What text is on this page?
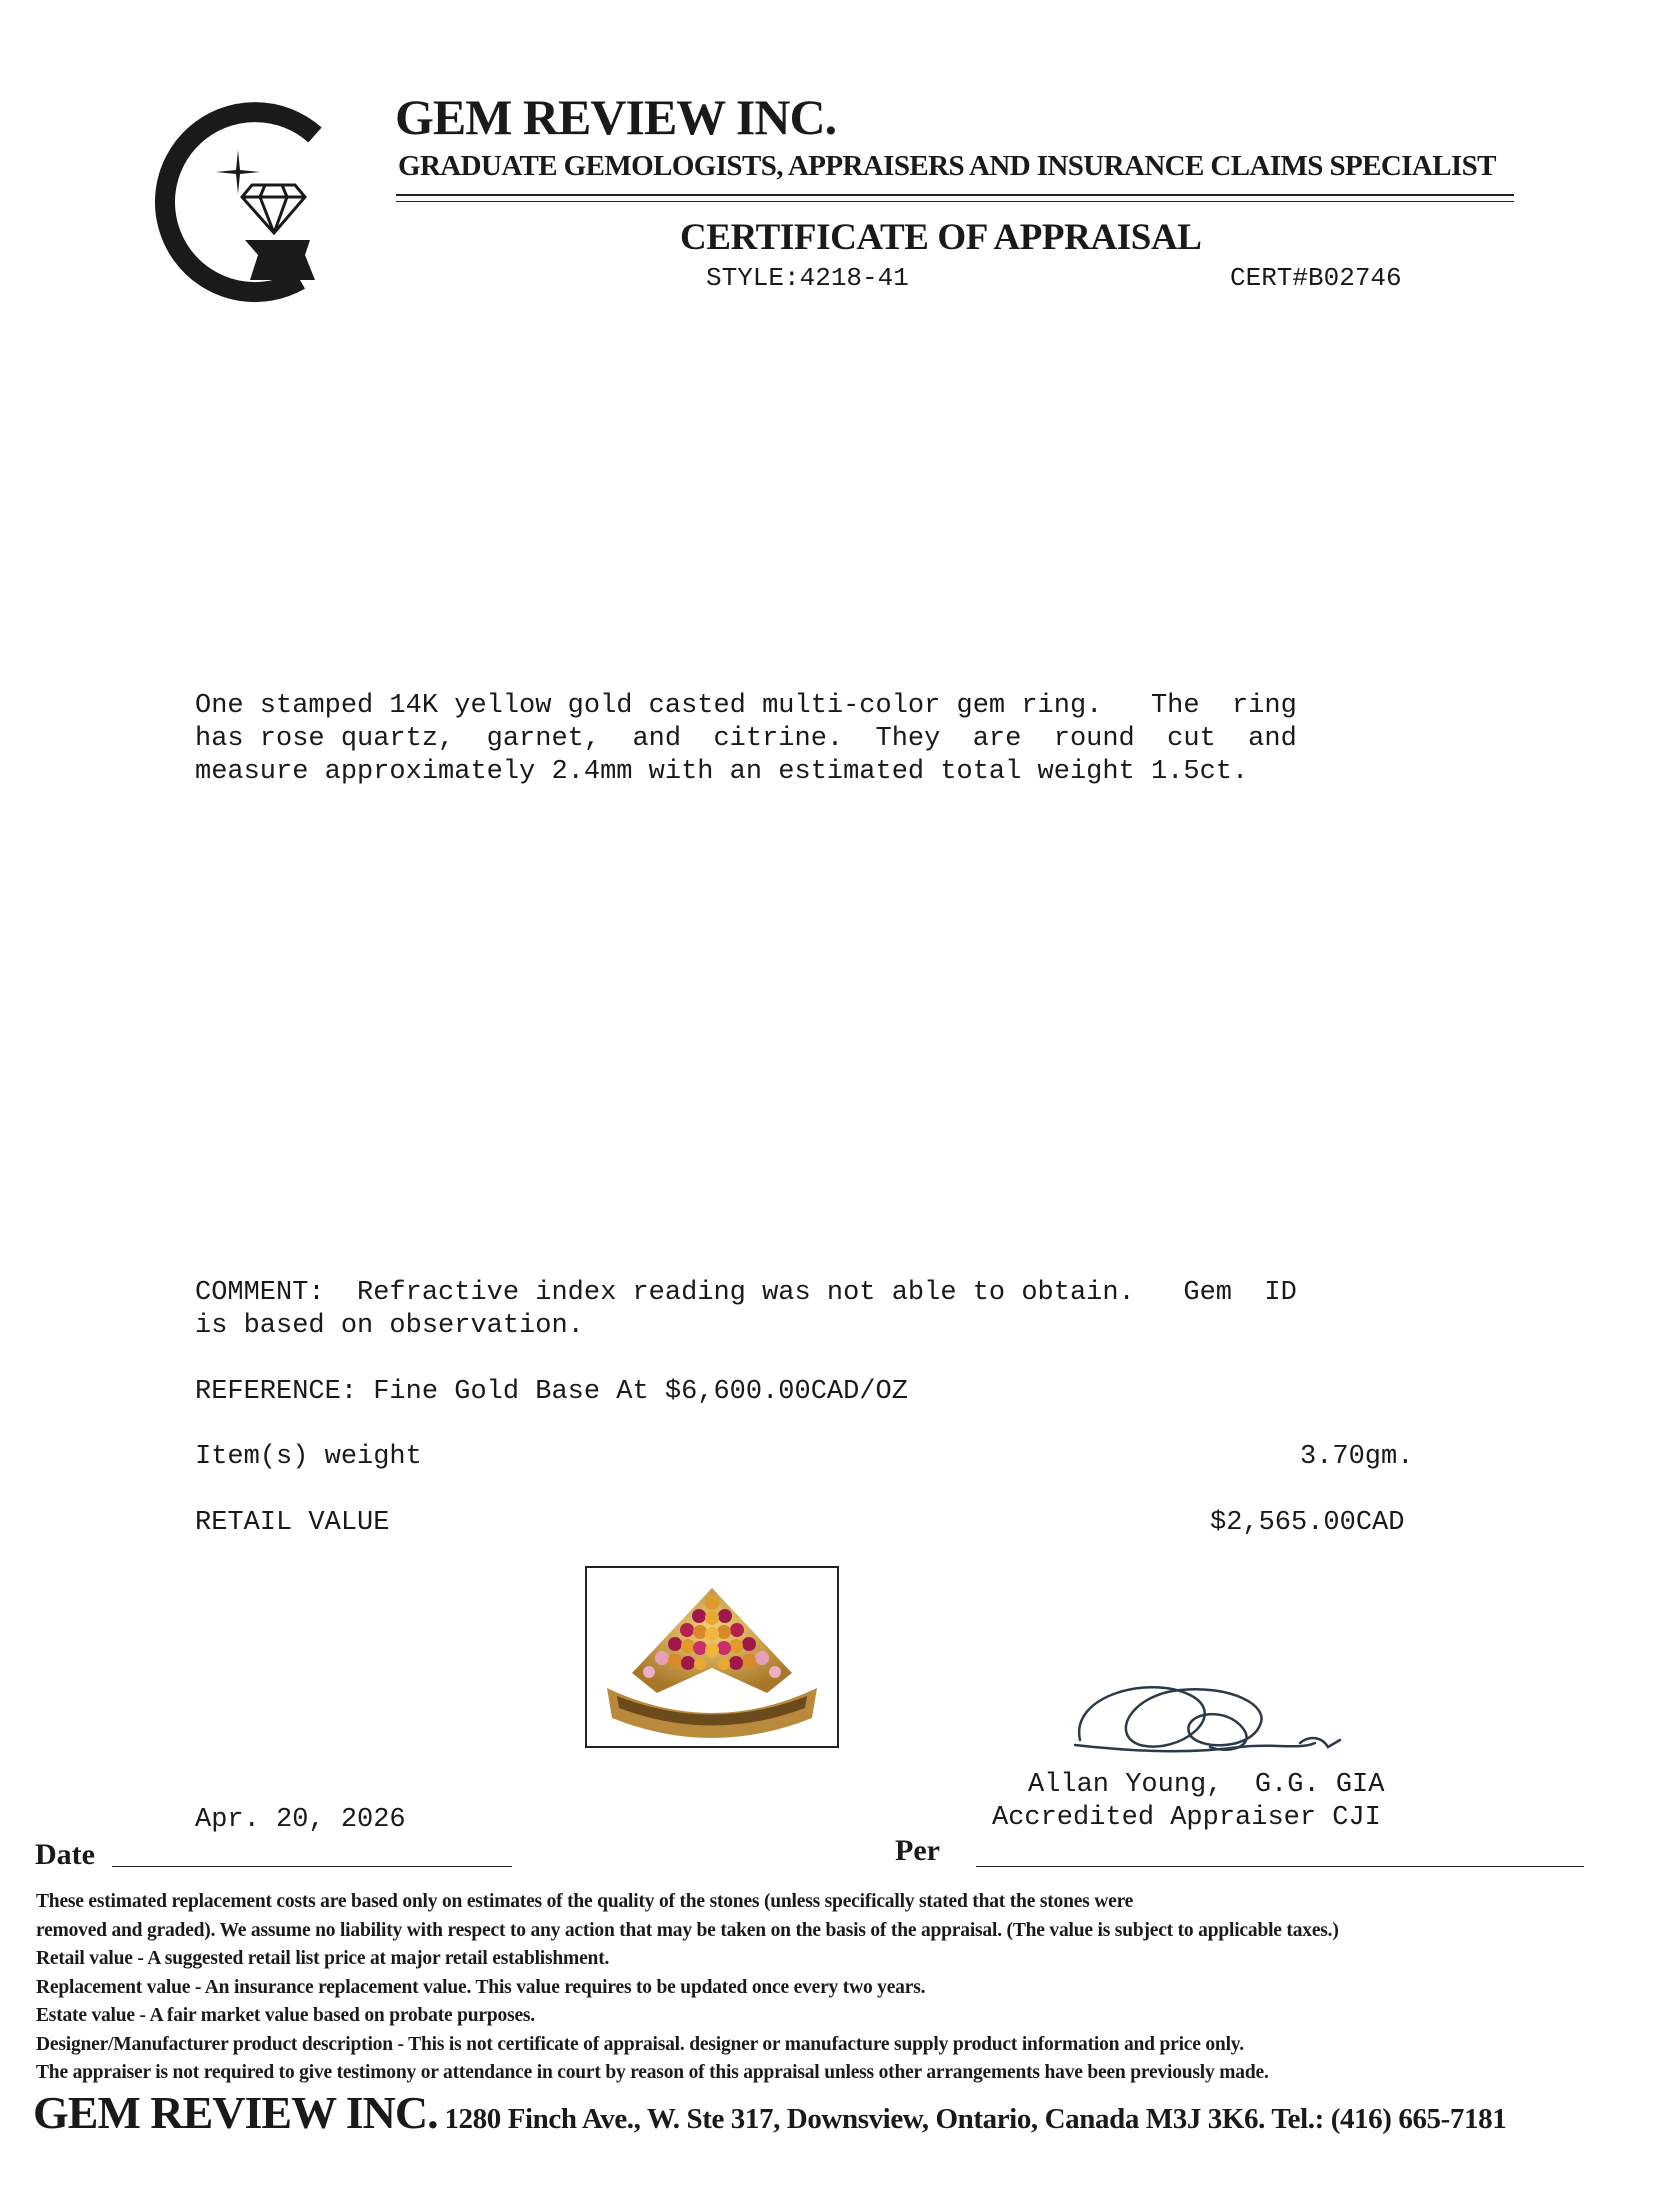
GEM REVIEW INC.
GRADUATE GEMOLOGISTS, APPRAISERS AND INSURANCE CLAIMS SPECIALIST
CERTIFICATE OF APPRAISAL
STYLE:4218-41	CERT#B02746
One stamped 14K yellow gold casted multi-color gem ring.   The  ring
has rose quartz,  garnet,  and  citrine.  They  are  round  cut  and
measure approximately 2.4mm with an estimated total weight 1.5ct.
COMMENT:  Refractive index reading was not able to obtain.   Gem  ID
is based on observation.
REFERENCE: Fine Gold Base At $6,600.00CAD/OZ
Item(s) weight	3.70gm.
RETAIL VALUE	$2,565.00CAD
Allan Young,  G.G. GIA
Accredited Appraiser CJI
Apr. 20, 2026
Date	Per
These estimated replacement costs are based only on estimates of the quality of the stones (unless specifically stated that the stones were
removed and graded). We assume no liability with respect to any action that may be taken on the basis of the appraisal. (The value is subject to applicable taxes.)
Retail value - A suggested retail list price at major retail establishment.
Replacement value - An insurance replacement value. This value requires to be updated once every two years.
Estate value - A fair market value based on probate purposes.
Designer/Manufacturer product description - This is not certificate of appraisal. designer or manufacture supply product information and price only.
The appraiser is not required to give testimony or attendance in court by reason of this appraisal unless other arrangements have been previously made.
GEM REVIEW INC. 1280 Finch Ave., W. Ste 317, Downsview, Ontario, Canada M3J 3K6. Tel.: (416) 665-7181
